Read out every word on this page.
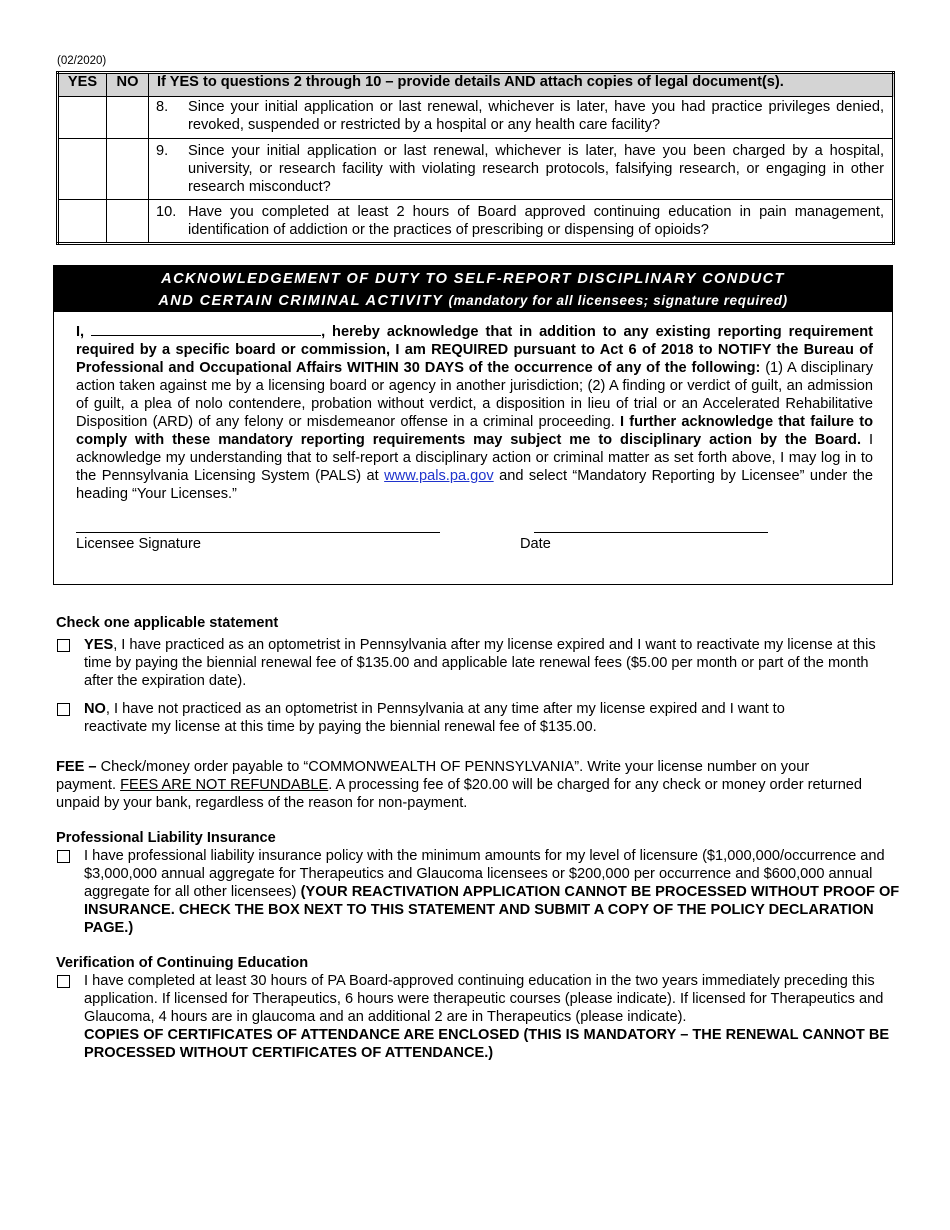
(02/2020)
YES	NO	If YES to questions 2 through 10 – provide details AND attach copies of legal document(s).

		8. Since your initial application or last renewal, whichever is later, have you had practice privileges denied, revoked, suspended or restricted by a hospital or any health care facility?

		9. Since your initial application or last renewal, whichever is later, have you been charged by a hospital, university, or research facility with violating research protocols, falsifying research, or engaging in other research misconduct?

		10. Have you completed at least 2 hours of Board approved continuing education in pain management, identification of addiction or the practices of prescribing or dispensing of opioids?
ACKNOWLEDGEMENT OF DUTY TO SELF-REPORT DISCIPLINARY CONDUCT
AND CERTAIN CRIMINAL ACTIVITY (mandatory for all licensees; signature required)
I,	, hereby acknowledge that in addition to any existing reporting requirement required by a specific board or commission, I am REQUIRED pursuant to Act 6 of 2018 to NOTIFY the Bureau of Professional and Occupational Affairs WITHIN 30 DAYS of the occurrence of any of the following: (1) A disciplinary action taken against me by a licensing board or agency in another jurisdiction; (2) A finding or verdict of guilt, an admission of guilt, a plea of nolo contendere, probation without verdict, a disposition in lieu of trial or an Accelerated Rehabilitative Disposition (ARD) of any felony or misdemeanor offense in a criminal proceeding. I further acknowledge that failure to comply with these mandatory reporting requirements may subject me to disciplinary action by the Board. I acknowledge my understanding that to self-report a disciplinary action or criminal matter as set forth above, I may log in to the Pennsylvania Licensing System (PALS) at www.pals.pa.gov and select “Mandatory Reporting by Licensee” under the heading “Your Licenses.”
Licensee Signature	Date
Check one applicable statement
YES, I have practiced as an optometrist in Pennsylvania after my license expired and I want to reactivate my license at this time by paying the biennial renewal fee of $135.00 and applicable late renewal fees ($5.00 per month or part of the month after the expiration date).
NO, I have not practiced as an optometrist in Pennsylvania at any time after my license expired and I want to reactivate my license at this time by paying the biennial renewal fee of $135.00.
FEE – Check/money order payable to “COMMONWEALTH OF PENNSYLVANIA”. Write your license number on your payment. FEES ARE NOT REFUNDABLE. A processing fee of $20.00 will be charged for any check or money order returned unpaid by your bank, regardless of the reason for non-payment.
Professional Liability Insurance
I have professional liability insurance policy with the minimum amounts for my level of licensure ($1,000,000/occurrence and $3,000,000 annual aggregate for Therapeutics and Glaucoma licensees or $200,000 per occurrence and $600,000 annual aggregate for all other licensees) (YOUR REACTIVATION APPLICATION CANNOT BE PROCESSED WITHOUT PROOF OF INSURANCE. CHECK THE BOX NEXT TO THIS STATEMENT AND SUBMIT A COPY OF THE POLICY DECLARATION PAGE.)
Verification of Continuing Education
I have completed at least 30 hours of PA Board-approved continuing education in the two years immediately preceding this application. If licensed for Therapeutics, 6 hours were therapeutic courses (please indicate). If licensed for Therapeutics and Glaucoma, 4 hours are in glaucoma and an additional 2 are in Therapeutics (please indicate).
COPIES OF CERTIFICATES OF ATTENDANCE ARE ENCLOSED (THIS IS MANDATORY – THE RENEWAL CANNOT BE PROCESSED WITHOUT CERTIFICATES OF ATTENDANCE.)
